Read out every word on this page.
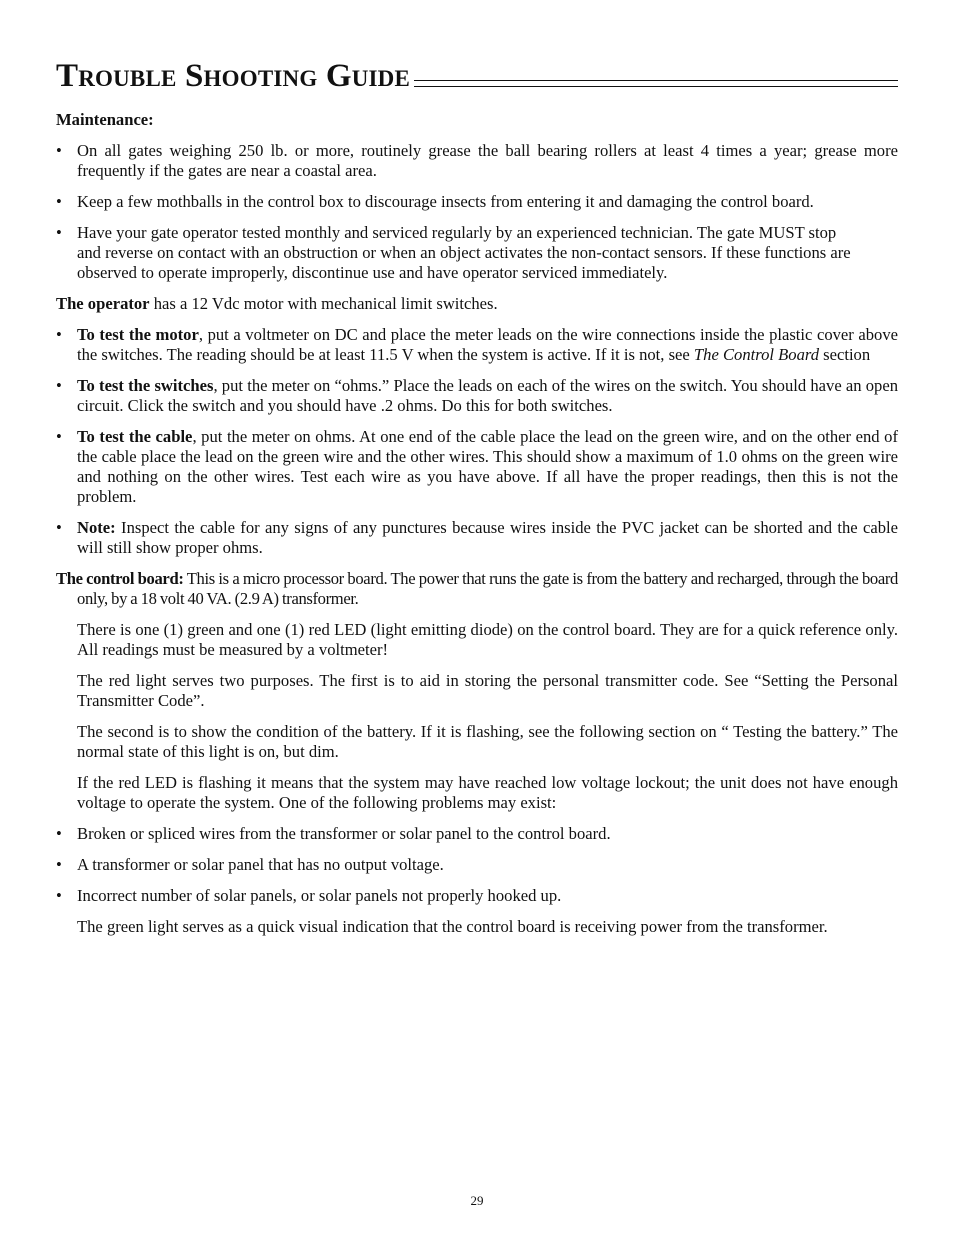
Trouble Shooting Guide
Maintenance:
• On all gates weighing 250 lb. or more, routinely grease the ball bearing rollers at least 4 times a year; grease more frequently if the gates are near a coastal area.
• Keep a few mothballs in the control box to discourage insects from entering it and damaging the control board.
• Have your gate operator tested monthly and serviced regularly by an experienced technician. The gate MUST stop and reverse on contact with an obstruction or when an object activates the non-contact sensors. If these functions are observed to operate improperly, discontinue use and have operator serviced immediately.
The operator has a 12 Vdc motor with mechanical limit switches.
• To test the motor, put a voltmeter on DC and place the meter leads on the wire connections inside the plastic cover above the switches. The reading should be at least 11.5 V when the system is active. If it is not, see The Control Board section
• To test the switches, put the meter on “ohms.” Place the leads on each of the wires on the switch. You should have an open circuit. Click the switch and you should have .2 ohms. Do this for both switches.
• To test the cable, put the meter on ohms. At one end of the cable place the lead on the green wire, and on the other end of the cable place the lead on the green wire and the other wires. This should show a maximum of 1.0 ohms on the green wire and nothing on the other wires. Test each wire as you have above. If all have the proper readings, then this is not the problem.
• Note: Inspect the cable for any signs of any punctures because wires inside the PVC jacket can be shorted and the cable will still show proper ohms.
The control board: This is a micro processor board. The power that runs the gate is from the battery and recharged, through the board only, by a 18 volt 40 VA. (2.9 A) transformer.
There is one (1) green and one (1) red LED (light emitting diode) on the control board. They are for a quick reference only. All readings must be measured by a voltmeter!
The red light serves two purposes. The first is to aid in storing the personal transmitter code. See “Setting the Personal Transmitter Code”.
The second is to show the condition of the battery. If it is flashing, see the following section on “ Testing the battery.” The normal state of this light is on, but dim.
If the red LED is flashing it means that the system may have reached low voltage lockout; the unit does not have enough voltage to operate the system. One of the following problems may exist:
• Broken or spliced wires from the transformer or solar panel to the control board.
• A transformer or solar panel that has no output voltage.
• Incorrect number of solar panels, or solar panels not properly hooked up.
The green light serves as a quick visual indication that the control board is receiving power from the transformer.
29
